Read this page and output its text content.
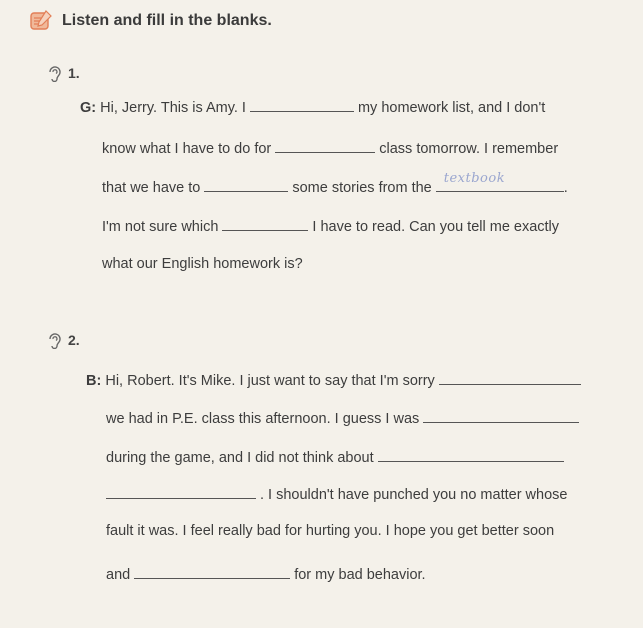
Listen and fill in the blanks.
1.
G: Hi, Jerry. This is Amy. I	my homework list, and I don't
know what I have to do for	class tomorrow. I remember
that we have to	some stories from the
textbook
.
I'm not sure which	I have to read. Can you tell me exactly
what our English homework is?
2.
B: Hi, Robert. It's Mike. I just want to say that I'm sorry
we had in P.E. class this afternoon. I guess I was
during the game, and I did not think about
. I shouldn't have punched you no matter whose
fault it was. I feel really bad for hurting you. I hope you get better soon
and	for my bad behavior.
